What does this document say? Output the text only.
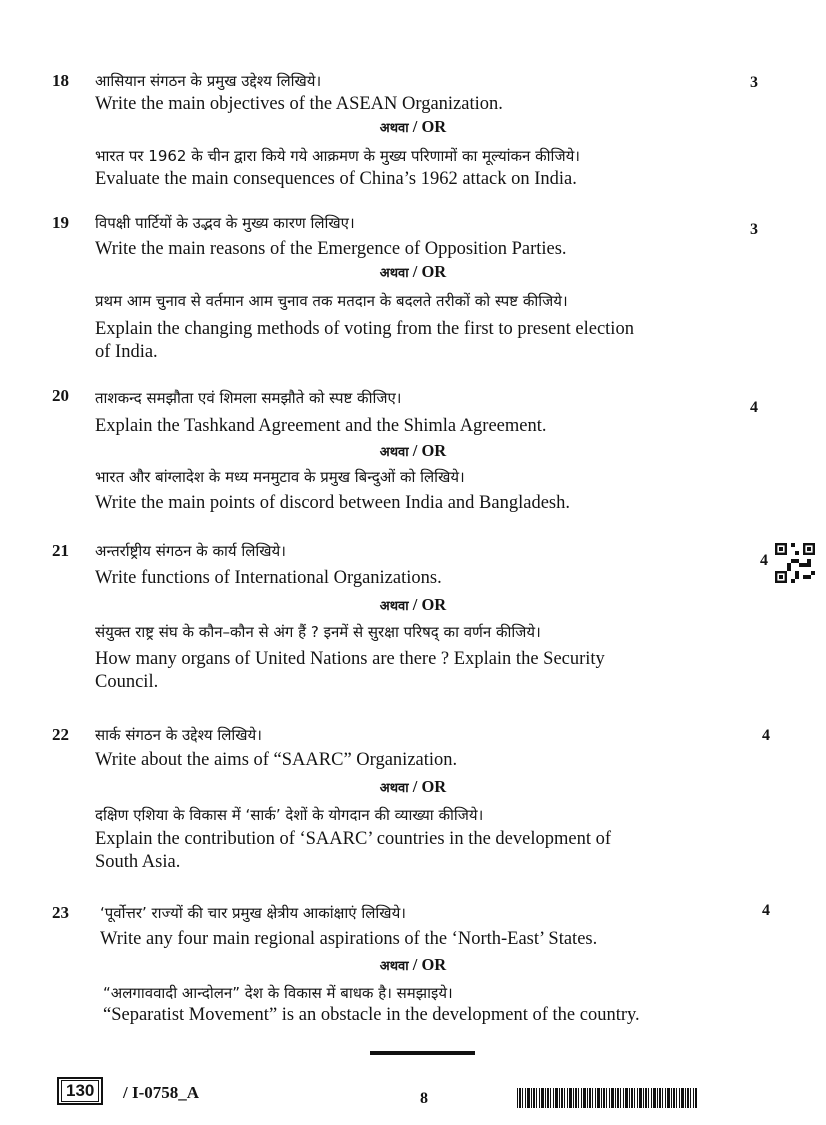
18	3
आसियान संगठन के प्रमुख उद्देश्य लिखिये।
Write the main objectives of the ASEAN Organization.
अथवा / OR
भारत पर 1962 के चीन द्वारा किये गये आक्रमण के मुख्य परिणामों का मूल्यांकन कीजिये।
Evaluate the main consequences of China’s 1962 attack on India.
19	3
विपक्षी पार्टियों के उद्भव के मुख्य कारण लिखिए।
Write the main reasons of the Emergence of Opposition Parties.
अथवा / OR
प्रथम आम चुनाव से वर्तमान आम चुनाव तक मतदान के बदलते तरीकों को स्पष्ट कीजिये।
Explain the changing methods of voting from the first to present election
of India.
20
4
ताशकन्द समझौता एवं शिमला समझौते को स्पष्ट कीजिए।
Explain the Tashkand Agreement and the Shimla Agreement.
अथवा / OR
भारत और बांग्लादेश के मध्य मनमुटाव के प्रमुख बिन्दुओं को लिखिये।
Write the main points of discord between India and Bangladesh.
21
4
अन्तर्राष्ट्रीय संगठन के कार्य लिखिये।
Write functions of International Organizations.
अथवा / OR
संयुक्त राष्ट्र संघ के कौन–कौन से अंग हैं ? इनमें से सुरक्षा परिषद् का वर्णन कीजिये।
How many organs of United Nations are there ? Explain the Security
Council.
22	4
सार्क संगठन के उद्देश्य लिखिये।
Write about the aims of “SAARC” Organization.
अथवा / OR
दक्षिण एशिया के विकास में ‘सार्क’ देशों के योगदान की व्याख्या कीजिये।
Explain the contribution of ‘SAARC’ countries in the development of
South Asia.
23	4
‘पूर्वोत्तर’ राज्यों की चार प्रमुख क्षेत्रीय आकांक्षाएं लिखिये।
Write any four main regional aspirations of the ‘North-East’ States.
अथवा / OR
“अलगाववादी आन्दोलन” देश के विकास में बाधक है। समझाइये।
“Separatist Movement” is an obstacle in the development of the country.
130	/ I-0758_A	8
